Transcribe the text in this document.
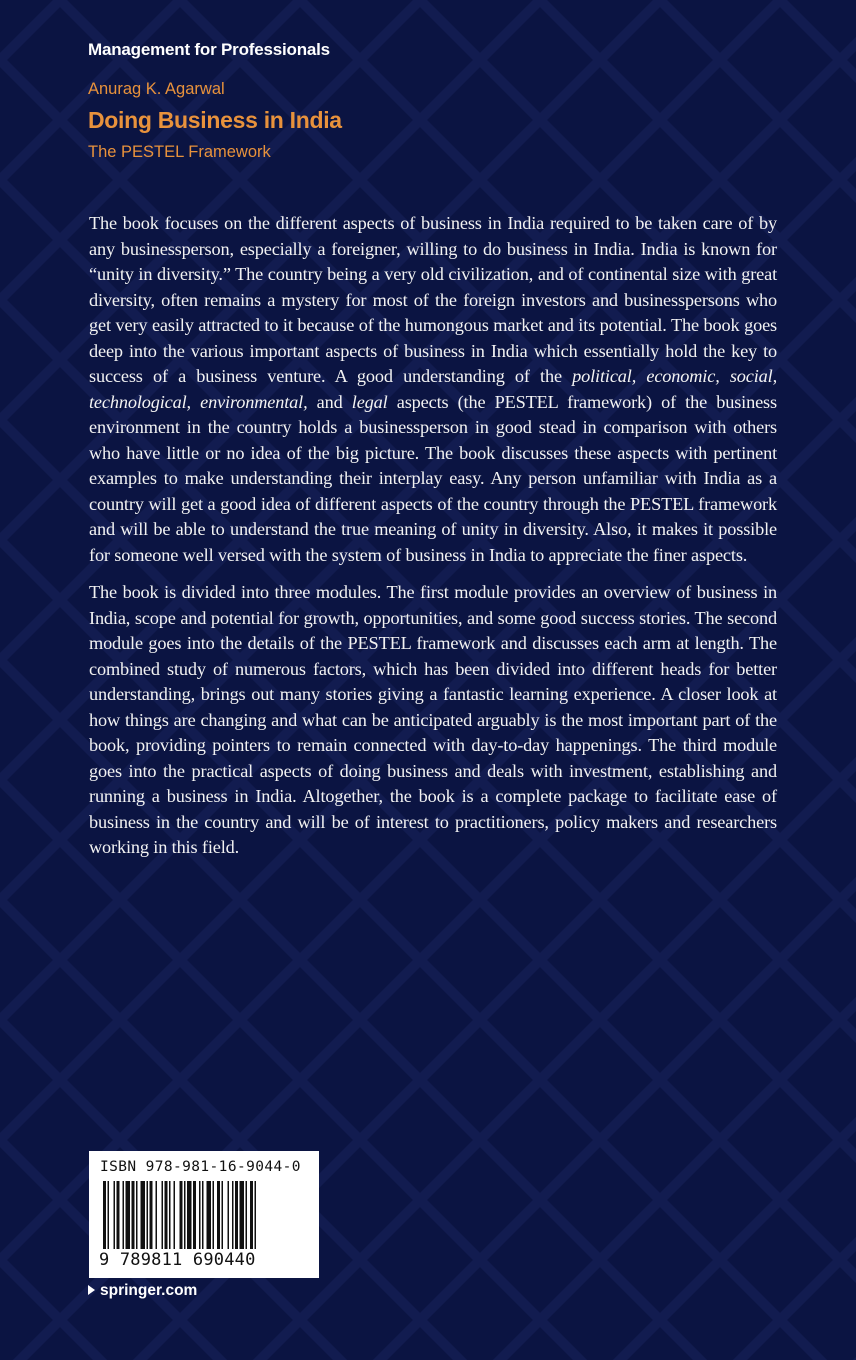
Management for Professionals
Anurag K. Agarwal
Doing Business in India
The PESTEL Framework

The book focuses on the different aspects of business in India required to be taken care of by any businessperson, especially a foreigner, willing to do business in India. India is known for “unity in diversity.” The country being a very old civilization, and of continental size with great diversity, often remains a mystery for most of the foreign investors and businesspersons who get very easily attracted to it because of the humongous market and its potential. The book goes deep into the various important aspects of business in India which essentially hold the key to success of a business venture. A good understanding of the political, economic, social, technological, environmental, and legal aspects (the PESTEL framework) of the business environment in the country holds a businessperson in good stead in comparison with others who have little or no idea of the big picture. The book discusses these aspects with pertinent examples to make understanding their interplay easy. Any person unfamiliar with India as a country will get a good idea of different aspects of the country through the PESTEL framework and will be able to understand the true meaning of unity in diversity. Also, it makes it possible for someone well versed with the system of business in India to appreciate the finer aspects.

The book is divided into three modules. The first module provides an overview of business in India, scope and potential for growth, opportunities, and some good success stories. The second module goes into the details of the PESTEL framework and discusses each arm at length. The combined study of numerous factors, which has been divided into different heads for better understanding, brings out many stories giving a fantastic learning experience. A closer look at how things are changing and what can be anticipated arguably is the most important part of the book, providing pointers to remain connected with day-to-day happenings. The third module goes into the practical aspects of doing business and deals with investment, establishing and running a business in India. Altogether, the book is a complete package to facilitate ease of business in the country and will be of interest to practitioners, policy makers and researchers working in this field.

ISBN 978-981-16-9044-0
9 789811 690440
springer.com
